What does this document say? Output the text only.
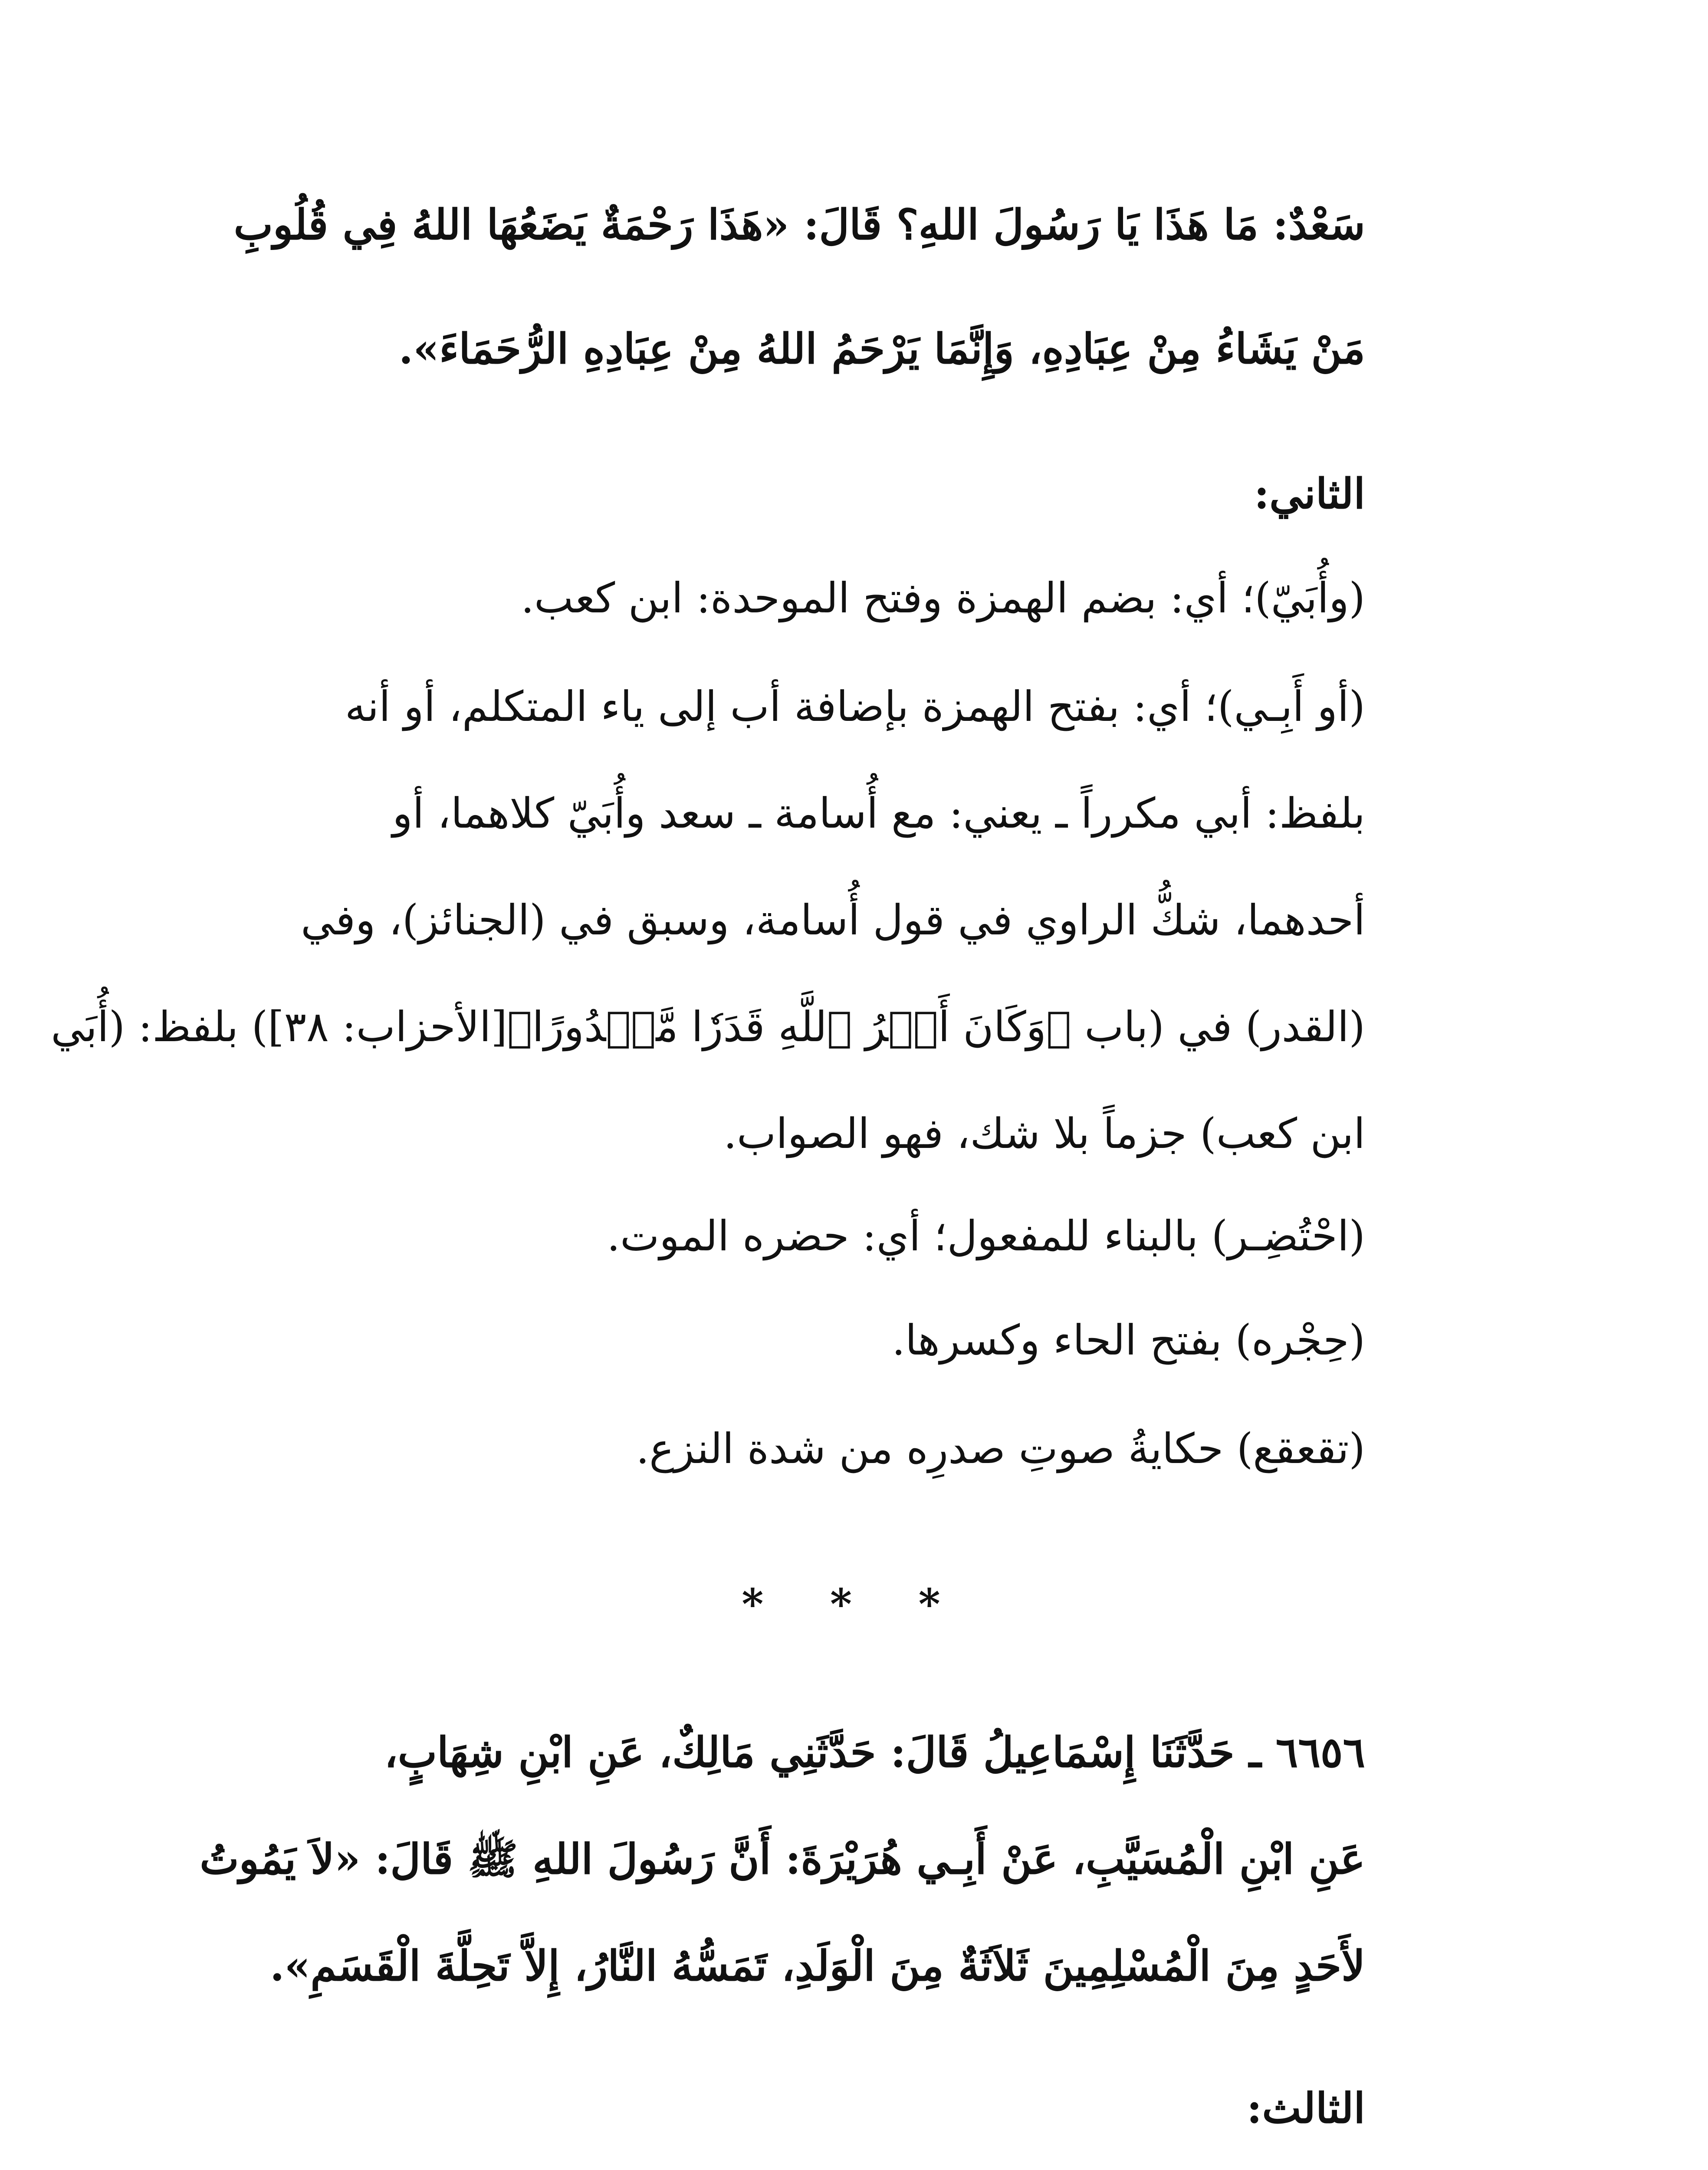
سَعْدٌ: مَا هَذَا يَا رَسُولَ اللهِ؟ قَالَ: «هَذَا رَحْمَةٌ يَضَعُهَا اللهُ فِي قُلُوبِ
مَنْ يَشَاءُ مِنْ عِبَادِهِ، وَإِنَّمَا يَرْحَمُ اللهُ مِنْ عِبَادِهِ الرُّحَمَاءَ».
الثاني:
(وأُبَيّ)؛ أي: بضم الهمزة وفتح الموحدة: ابن كعب.
(أو أَبِـي)؛ أي: بفتح الهمزة بإضافة أب إلى ياء المتكلم، أو أنه
بلفظ: أبي مكرراً ـ يعني: مع أُسامة ـ سعد وأُبَيّ كلاهما، أو
أحدهما، شكُّ الراوي في قول أُسامة، وسبق في (الجنائز)، وفي
(القدر) في (باب ﴿وَكَانَ أَمۡرُ ٱللَّهِ قَدَرٗا مَّقۡدُورًا﴾[الأحزاب: ٣٨]) بلفظ: (أُبَي
ابن كعب) جزماً بلا شك، فهو الصواب.
(احْتُضِـر) بالبناء للمفعول؛ أي: حضره الموت.
(حِجْره) بفتح الحاء وكسرها.
(تقعقع) حكايةُ صوتِ صدرِه من شدة النزع.
* * *
٦٦٥٦ ـ حَدَّثَنَا إِسْمَاعِيلُ قَالَ: حَدَّثَنِي مَالِكٌ، عَنِ ابْنِ شِهَابٍ،
عَنِ ابْنِ الْمُسَيَّبِ، عَنْ أَبِـي هُرَيْرَةَ: أَنَّ رَسُولَ اللهِ ﷺ قَالَ: «لاَ يَمُوتُ
لأَحَدٍ مِنَ الْمُسْلِمِينَ ثَلاَثَةٌ مِنَ الْوَلَدِ، تَمَسُّهُ النَّارُ، إِلاَّ تَحِلَّةَ الْقَسَمِ».
الثالث:
